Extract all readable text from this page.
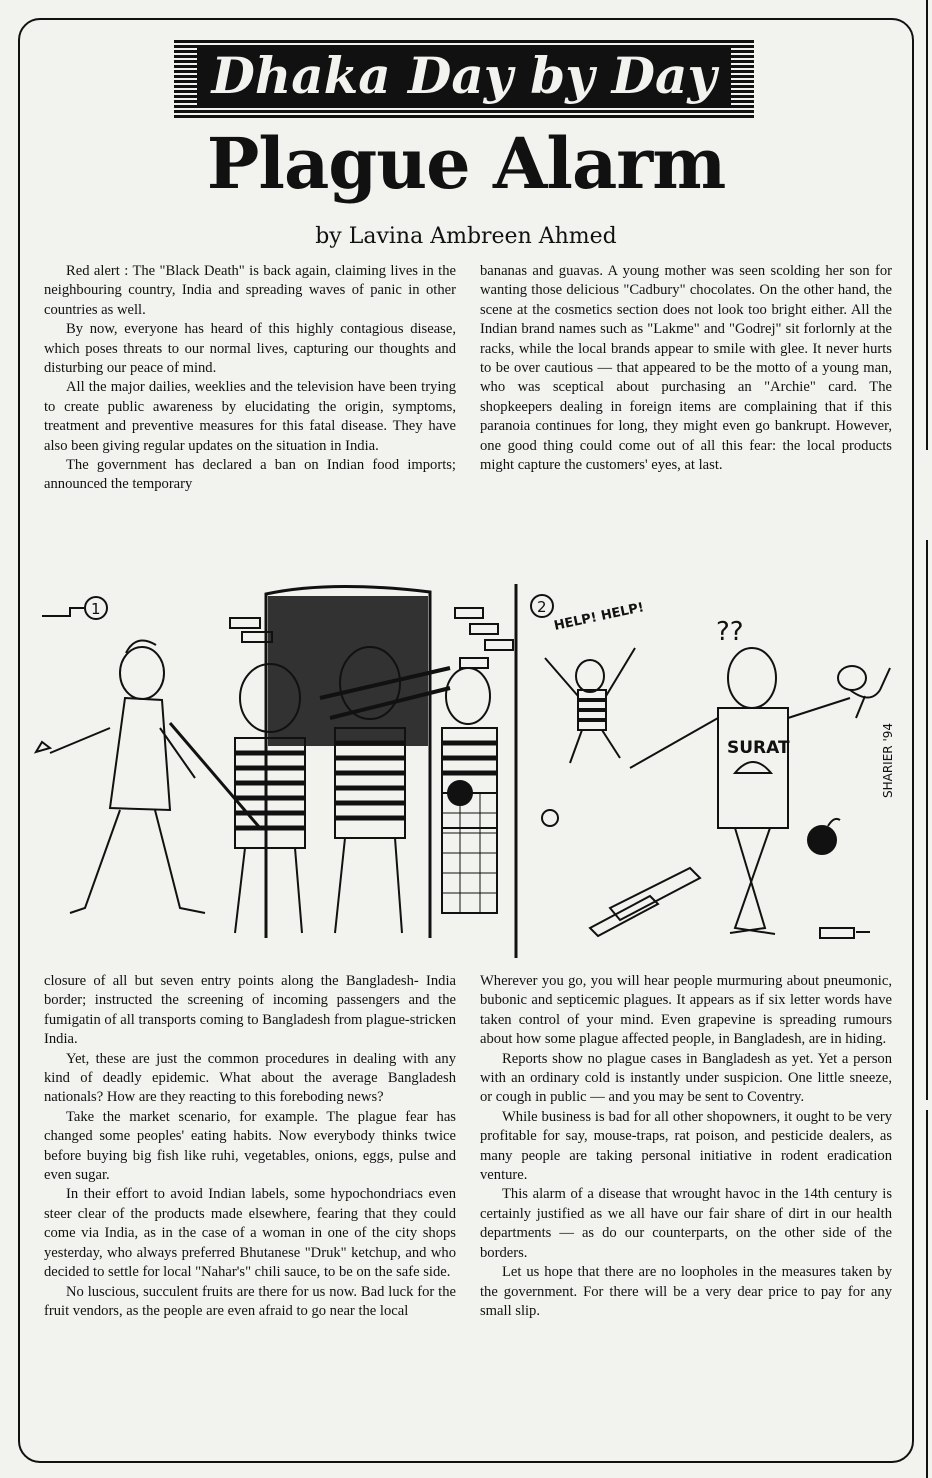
Dhaka Day by Day
Plague Alarm
by Lavina Ambreen Ahmed

Red alert : The "Black Death" is back again, claiming lives in the neighbouring country, India and spreading waves of panic in other countries as well.

By now, everyone has heard of this highly contagious disease, which poses threats to our normal lives, capturing our thoughts and disturbing our peace of mind.

All the major dailies, weeklies and the television have been trying to create public awareness by elucidating the origin, symptoms, treatment and preventive measures for this fatal disease. They have also been giving regular updates on the situation in India.

The government has declared a ban on Indian food imports; announced the temporary

bananas and guavas. A young mother was seen scolding her son for wanting those delicious "Cadbury" chocolates. On the other hand, the scene at the cosmetics section does not look too bright either. All the Indian brand names such as "Lakme" and "Godrej" sit forlornly at the racks, while the local brands appear to smile with glee. It never hurts to be over cautious — that appeared to be the motto of a young man, who was sceptical about purchasing an "Archie" card. The shopkeepers dealing in foreign items are complaining that if this paranoia continues for long, they might even go bankrupt. However, one good thing could come out of all this fear: the local products might capture the customers' eyes, at last.

1	2 HELP! HELP!	??
SURAT	SHARIER '94

closure of all but seven entry points along the Bangladesh- India border; instructed the screening of incoming passengers and the fumigatin of all transports coming to Bangladesh from plague-stricken India.

Yet, these are just the common procedures in dealing with any kind of deadly epidemic. What about the average Bangladesh nationals? How are they reacting to this foreboding news?

Take the market scenario, for example. The plague fear has changed some peoples' eating habits. Now everybody thinks twice before buying big fish like ruhi, vegetables, onions, eggs, pulse and even sugar.

In their effort to avoid Indian labels, some hypochondriacs even steer clear of the products made elsewhere, fearing that they could come via India, as in the case of a woman in one of the city shops yesterday, who always preferred Bhutanese "Druk" ketchup, and who decided to settle for local "Nahar's" chili sauce, to be on the safe side.

No luscious, succulent fruits are there for us now. Bad luck for the fruit vendors, as the people are even afraid to go near the local

Wherever you go, you will hear people murmuring about pneumonic, bubonic and septicemic plagues. It appears as if six letter words have taken control of your mind. Even grapevine is spreading rumours about how some plague affected people, in Bangladesh, are in hiding.

Reports show no plague cases in Bangladesh as yet. Yet a person with an ordinary cold is instantly under suspicion. One little sneeze, or cough in public — and you may be sent to Coventry.

While business is bad for all other shopowners, it ought to be very profitable for say, mouse-traps, rat poison, and pesticide dealers, as many people are taking personal initiative in rodent eradication venture.

This alarm of a disease that wrought havoc in the 14th century is certainly justified as we all have our fair share of dirt in our health departments — as do our counterparts, on the other side of the borders.

Let us hope that there are no loopholes in the measures taken by the government. For there will be a very dear price to pay for any small slip.
